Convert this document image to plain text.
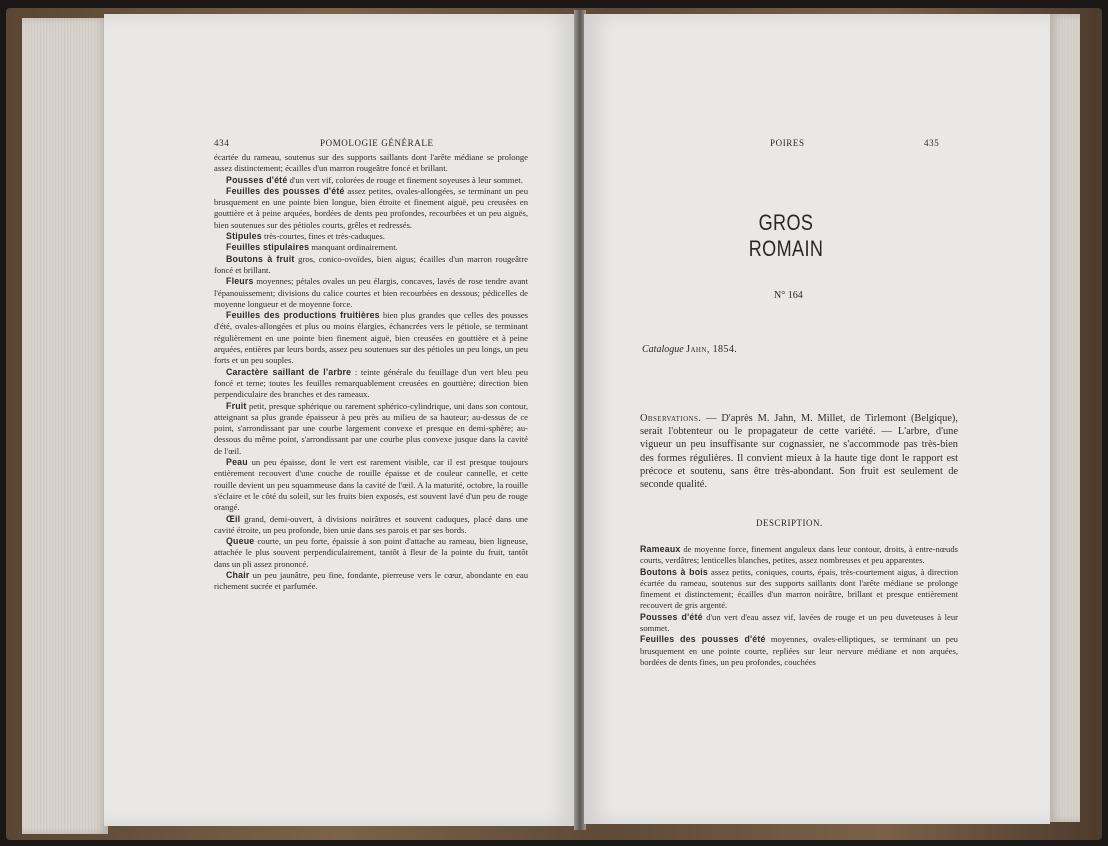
434	POMOLOGIE GÉNÉRALE

écartée du rameau, soutenus sur des supports saillants dont l'arête médiane se prolonge assez distinctement; écailles d'un marron rougeâtre foncé et brillant.

Pousses d'été d'un vert vif, colorées de rouge et finement soyeuses à leur sommet.

Feuilles des pousses d'été assez petites, ovales-allongées, se terminant un peu brusquement en une pointe bien longue, bien étroite et finement aiguë, peu creusées en gouttière et à peine arquées, bordées de dents peu profondes, recourbées et un peu aiguës, bien soutenues sur des pétioles courts, grêles et redressés.

Stipules très-courtes, fines et très-caduques.

Feuilles stipulaires manquant ordinairement.

Boutons à fruit gros, conico-ovoïdes, bien aigus; écailles d'un marron rougeâtre foncé et brillant.

Fleurs moyennes; pétales ovales un peu élargis, concaves, lavés de rose tendre avant l'épanouissement; divisions du calice courtes et bien recourbées en dessous; pédicelles de moyenne longueur et de moyenne force.

Feuilles des productions fruitières bien plus grandes que celles des pousses d'été, ovales-allongées et plus ou moins élargies, échancrées vers le pétiole, se terminant régulièrement en une pointe bien finement aiguë, bien creusées en gouttière et à peine arquées, entières par leurs bords, assez peu soutenues sur des pétioles un peu longs, un peu forts et un peu souples.

Caractère saillant de l'arbre : teinte générale du feuillage d'un vert bleu peu foncé et terne; toutes les feuilles remarquablement creusées en gouttière; direction bien perpendiculaire des branches et des rameaux.

Fruit petit, presque sphérique ou rarement sphérico-cylindrique, uni dans son contour, atteignant sa plus grande épaisseur à peu près au milieu de sa hauteur; au-dessus de ce point, s'arrondissant par une courbe largement convexe et presque en demi-sphère; au-dessous du même point, s'arrondissant par une courbe plus convexe jusque dans la cavité de l'œil.

Peau un peu épaisse, dont le vert est rarement visible, car il est presque toujours entièrement recouvert d'une couche de rouille épaisse et de couleur cannelle, et cette rouille devient un peu squammeuse dans la cavité de l'œil. A la maturité, octobre, la rouille s'éclaire et le côté du soleil, sur les fruits bien exposés, est souvent lavé d'un peu de rouge orangé.

Œil grand, demi-ouvert, à divisions noirâtres et souvent caduques, placé dans une cavité étroite, un peu profonde, bien unie dans ses parois et par ses bords.

Queue courte, un peu forte, épaissie à son point d'attache au rameau, bien ligneuse, attachée le plus souvent perpendiculairement, tantôt à fleur de la pointe du fruit, tantôt dans un pli assez prononcé.

Chair un peu jaunâtre, peu fine, fondante, pierreuse vers le cœur, abondante en eau richement sucrée et parfumée.

POIRES	435
GROS ROMAIN
N° 164
Catalogue Jahn, 1854.

Observations. — D'après M. Jahn, M. Millet, de Tirlemont (Belgique), serait l'obtenteur ou le propagateur de cette variété. — L'arbre, d'une vigueur un peu insuffisante sur cognassier, ne s'accommode pas très-bien des formes régulières. Il convient mieux à la haute tige dont le rapport est précoce et soutenu, sans être très-abondant. Son fruit est seulement de seconde qualité.

DESCRIPTION.

Rameaux de moyenne force, finement anguleux dans leur contour, droits, à entre-nœuds courts, verdâtres; lenticelles blanches, petites, assez nombreuses et peu apparentes.

Boutons à bois assez petits, coniques, courts, épais, très-courtement aigus, à direction écartée du rameau, soutenus sur des supports saillants dont l'arête médiane se prolonge finement et distinctement; écailles d'un marron noirâtre, brillant et presque entièrement recouvert de gris argenté.

Pousses d'été d'un vert d'eau assez vif, lavées de rouge et un peu duveteuses à leur sommet.

Feuilles des pousses d'été moyennes, ovales-elliptiques, se terminant un peu brusquement en une pointe courte, repliées sur leur nervure médiane et non arquées, bordées de dents fines, un peu profondes, couchées
